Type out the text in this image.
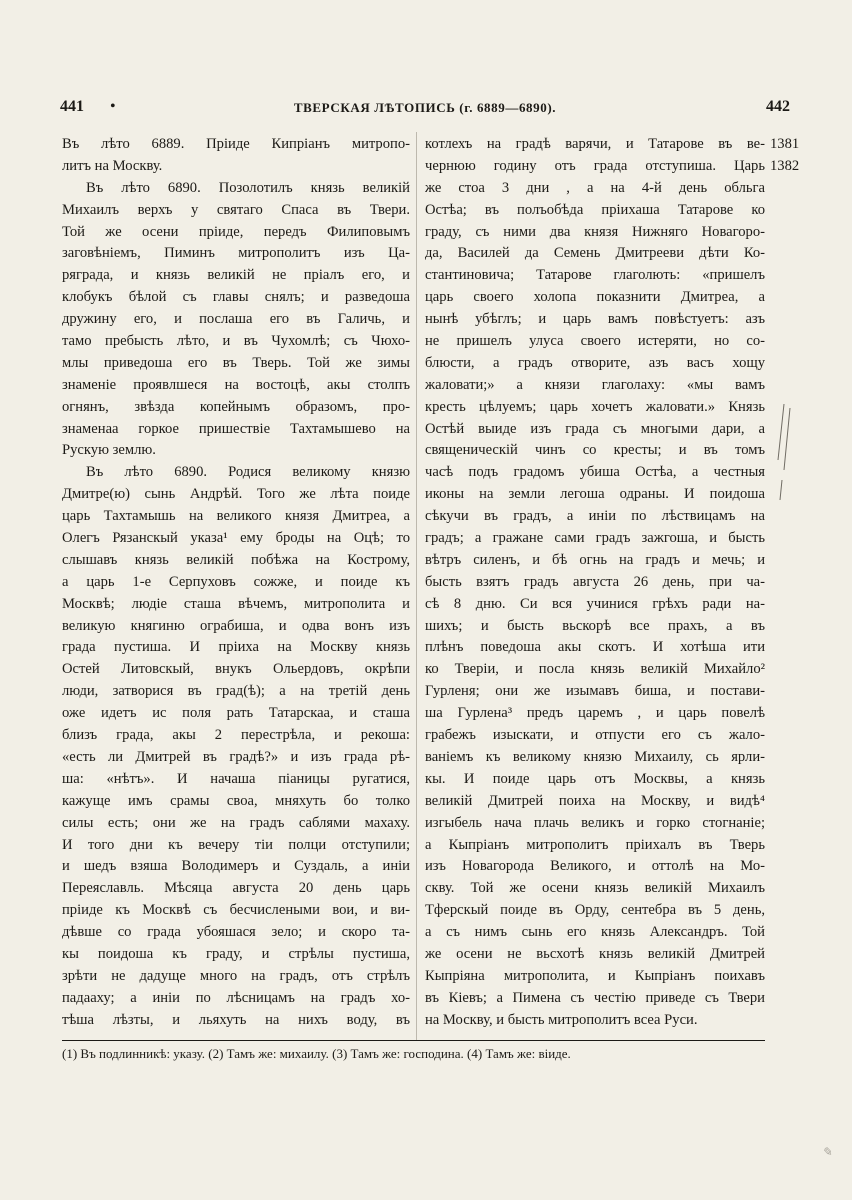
441 •	ТВЕРСКАЯ ЛѢТОПИСЬ (г. 6889—6890).	442
Въ лѣто 6889. Пріиде Кипріанъ митропо-
литъ на Москву.
Въ лѣто 6890. Позолотилъ князь великій
Михаилъ верхъ у святаго Спаса въ Твери.
Той же осени пріиде, передъ Филиповымъ
заговѣніемъ, Пиминъ митрополитъ изъ Ца-
ряграда, и князь великій не пріалъ его, и
клобукъ бѣлой съ главы снялъ; и разведоша
дружину его, и послаша его въ Галичь, и
тамо пребысть лѣто, и въ Чухомлѣ; съ Чюхо-
млы приведоша его въ Тверь. Той же зимы
знаменіе проявлшеся на востоцѣ, акы столпъ
огнянъ, звѣзда копейнымъ образомъ, про-
знаменаа горкое пришествіе Тахтамышево на
Рускую землю.
Въ лѣто 6890. Родися великому князю
Дмитре(ю) сынь Андрѣй. Того же лѣта поиде
царь Тахтамышь на великого князя Дмитреа, а
Олегъ Рязанскый указа¹ ему броды на Оцѣ; то
слышавъ князь великій побѣжа на Кострому,
а царь 1-е Серпуховъ сожже, и поиде къ
Москвѣ; людіе сташа вѣчемъ, митрополита и
великую княгиню ограбиша, и одва вонъ изъ
града пустиша. И пріиха на Москву князь
Остей Литовскый, внукъ Ольердовъ, окрѣпи
люди, затворися въ град(ѣ); а на третій день
оже идетъ ис поля рать Татарскаа, и сташа
близъ града, акы 2 перестрѣла, и рекоша:
«есть ли Дмитрей въ градѣ?» и изъ града рѣ-
ша: «нѣтъ». И начаша піаницы ругатися,
кажуще имъ срамы своа, мняхуть бо толко
силы есть; они же на градъ саблями махаху.
И того дни къ вечеру тіи полци отступили;
и шедъ взяша Володимеръ и Суздаль, а иніи
Переяславль. Мѣсяца августа 20 день царь
пріиде къ Москвѣ съ бесчислеными вои, и ви-
дѣвше со града убояшася зело; и скоро та-
кы поидоша къ граду, и стрѣлы пустиша,
зрѣти не дадуще много на градъ, отъ стрѣлъ
падааху; а иніи по лѣсницамъ на градъ хо-
тѣша лѣзты, и льяхуть на нихъ воду, въ
котлехъ на градѣ варячи, и Татарове въ ве-
чернюю годину отъ града отступиша. Царь
же стоа 3 дни , а на 4-й день обльга
Остѣа; въ полъобѣда пріихаша Татарове ко
граду, съ ними два князя Нижняго Новагоро-
да, Василей да Семень Дмитрееви дѣти Ко-
стантиновича; Татарове глаголють: «пришелъ
царь своего холопа показнити Дмитреа, а
нынѣ убѣглъ; и царь вамъ повѣстуетъ: азъ
не пришелъ улуса своего истеряти, но со-
блюсти, а градъ отворите, азъ васъ хощу
жаловати;» а князи глаголаху: «мы вамъ
кресть цѣлуемъ; царь хочетъ жаловати.» Князь
Остѣй выиде изъ града съ многыми дари, а
священическій чинъ со кресты; и въ томъ
часѣ подъ градомъ убиша Остѣа, а честныя
иконы на земли легоша одраны. И поидоша
сѣкучи въ градъ, а иніи по лѣствицамъ на
градъ; а гражане сами градъ зажгоша, и бысть
вѣтръ силенъ, и бѣ огнь на градъ и мечь; и
бысть взятъ градъ августа 26 день, при ча-
сѣ 8 дню. Си вся учинися грѣхъ ради на-
шихъ; и бысть вьскорѣ все прахъ, а въ
плѣнъ поведоша акы скотъ. И хотѣша ити
ко Тверіи, и посла князь великій Михайло²
Гурленя; они же изымавъ биша, и постави-
ша Гурлена³ предъ царемъ , и царь повелѣ
грабежъ изыскати, и отпусти его съ жало-
ваніемъ къ великому князю Михаилу, сь ярли-
кы. И поиде царь отъ Москвы, а князь
великій Дмитрей поиха на Москву, и видѣ⁴
изгыбель нача плачь великъ и горко стогнаніе;
а Кыпріанъ митрополитъ пріихалъ въ Тверь
изъ Новагорода Великого, и оттолѣ на Мо-
скву. Той же осени князь великій Михаилъ
Тферскый поиде въ Орду, сентебра въ 5 день,
а съ нимъ сынь его князь Александръ. Той
же осени не вьсхотѣ князь великій Дмитрей
Кыпріяна митрополита, и Кыпріанъ поихавъ
въ Кіевъ; а Пимена съ честію приведе съ Твери
на Москву, и бысть митрополитъ всеа Руси.
1381
1382
(1) Въ подлинникѣ: указу. (2) Тамъ же: михаилу. (3) Тамъ же: господина. (4) Тамъ же: віиде.
✎
